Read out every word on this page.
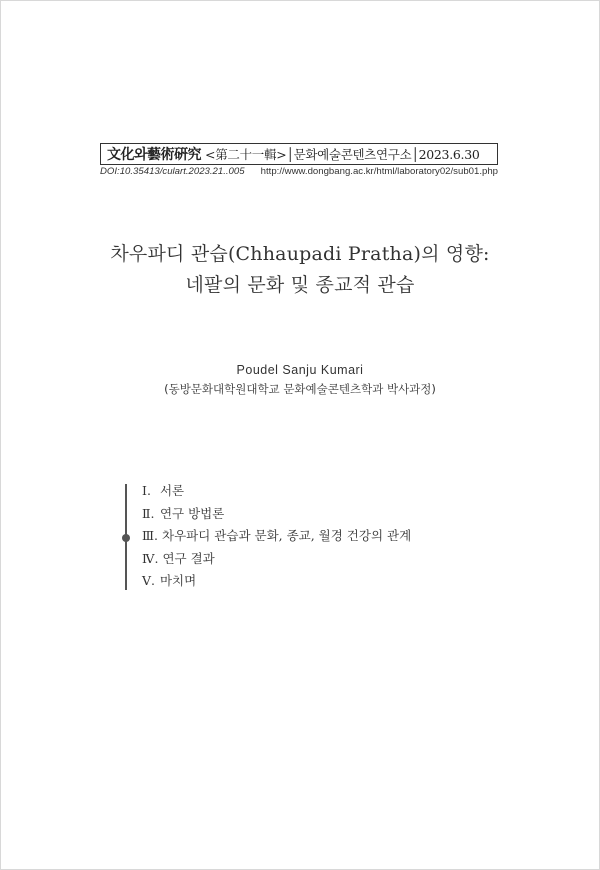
文化와藝術硏究 <第二十一輯>│문화예술콘텐츠연구소│2023.6.30
DOI:10.35413/culart.2023.21..005 http://www.dongbang.ac.kr/html/laboratory02/sub01.php
차우파디 관습(Chhaupadi Pratha)의 영향:
네팔의 문화 및 종교적 관습
Poudel Sanju Kumari
(동방문화대학원대학교 문화예술콘텐츠학과 박사과정)
Ⅰ. 서론
Ⅱ. 연구 방법론
Ⅲ. 차우파디 관습과 문화, 종교, 월경 건강의 관계
Ⅳ. 연구 결과
Ⅴ. 마치며
